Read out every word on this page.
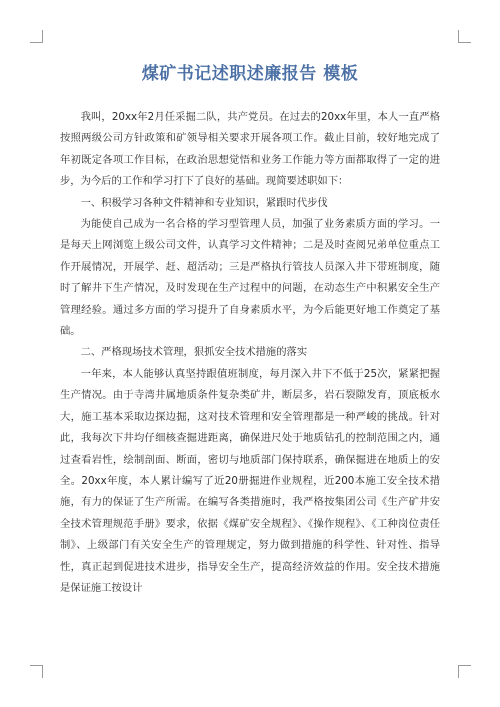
煤矿书记述职述廉报告 模板

我叫，20xx年2月任采掘二队，共产党员。在过去的20xx年里，本人一直严格按照两级公司方针政策和矿领导相关要求开展各项工作。截止目前，较好地完成了年初既定各项工作目标，在政治思想觉悟和业务工作能力等方面都取得了一定的进步，为今后的工作和学习打下了良好的基础。现简要述职如下：

一、积极学习各种文件精神和专业知识，紧跟时代步伐

为能使自己成为一名合格的学习型管理人员，加强了业务素质方面的学习。一是每天上网浏览上级公司文件，认真学习文件精神；二是及时查阅兄弟单位重点工作开展情况，开展学、赶、超活动；三是严格执行管技人员深入井下带班制度，随时了解井下生产情况，及时发现在生产过程中的问题，在动态生产中积累安全生产管理经验。通过多方面的学习提升了自身素质水平，为今后能更好地工作奠定了基础。

二、严格现场技术管理，狠抓安全技术措施的落实

一年来，本人能够认真坚持跟值班制度，每月深入井下不低于25次，紧紧把握生产情况。由于寺湾井属地质条件复杂类矿井，断层多，岩石裂隙发育，顶底板水大，施工基本采取边探边掘，这对技术管理和安全管理都是一种严峻的挑战。针对此，我每次下井均仔细核查掘进距离，确保进尺处于地质钻孔的控制范围之内，通过查看岩性，绘制剖面、断面，密切与地质部门保持联系，确保掘进在地质上的安全。20xx年度，本人累计编写了近20册掘进作业规程，近200本施工安全技术措施，有力的保证了生产所需。在编写各类措施时，我严格按集团公司《生产矿井安全技术管理规范手册》要求，依据《煤矿安全规程》、《操作规程》、《工种岗位责任制》、上级部门有关安全生产的管理规定，努力做到措施的科学性、针对性、指导性，真正起到促进技术进步，指导安全生产，提高经济效益的作用。安全技术措施是保证施工按设计
